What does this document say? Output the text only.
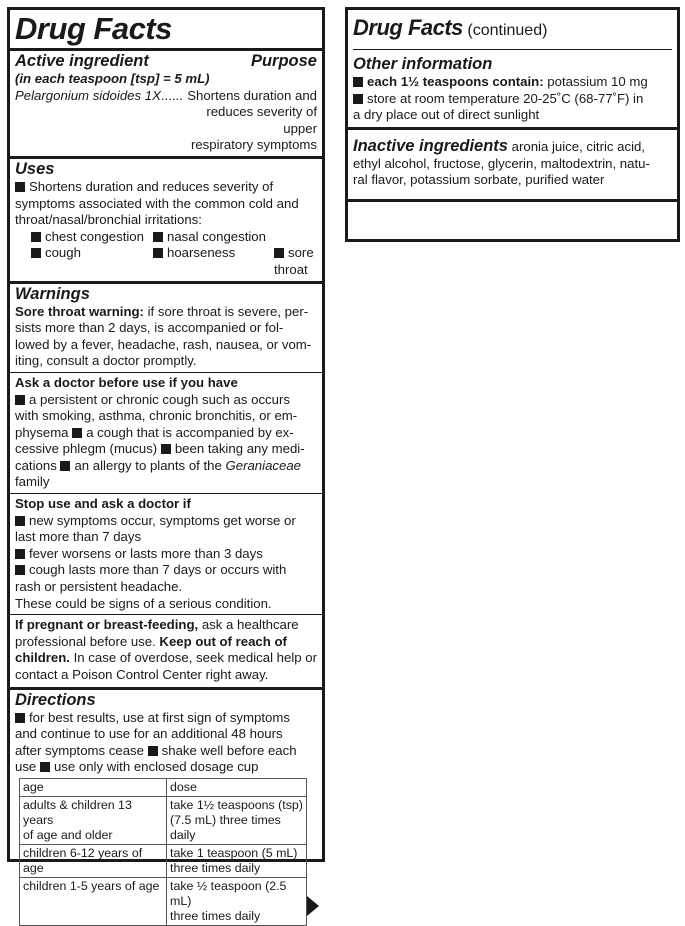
Drug Facts
Active ingredient	Purpose
(in each teaspoon [tsp] = 5 mL)
Pelargonium sidoides 1X...... Shortens duration and
reduces severity of upper
respiratory symptoms
Uses
Shortens duration and reduces severity of
symptoms associated with the common cold and
throat/nasal/bronchial irritations:
chest congestion	nasal congestion
cough	hoarseness	sore throat
Warnings
Sore throat warning: if sore throat is severe, per-
sists more than 2 days, is accompanied or fol-
lowed by a fever, headache, rash, nausea, or vom-
iting, consult a doctor promptly.
Ask a doctor before use if you have
a persistent or chronic cough such as occurs
with smoking, asthma, chronic bronchitis, or em-
physema a cough that is accompanied by ex-
cessive phlegm (mucus) been taking any medi-
cations an allergy to plants of the Geraniaceae
family
Stop use and ask a doctor if
new symptoms occur, symptoms get worse or
last more than 7 days
fever worsens or lasts more than 3 days
cough lasts more than 7 days or occurs with
rash or persistent headache.
These could be signs of a serious condition.
If pregnant or breast-feeding, ask a healthcare
professional before use. Keep out of reach of
children. In case of overdose, seek medical help or
contact a Poison Control Center right away.
Directions
for best results, use at first sign of symptoms
and continue to use for an additional 48 hours
after symptoms cease shake well before each
use use only with enclosed dosage cup
age	dose
adults & children 13 years
of age and older	take 1½ teaspoons (tsp)
(7.5 mL) three times daily
children 6-12 years of age	take 1 teaspoon (5 mL)
three times daily
children 1-5 years of age	take ½ teaspoon (2.5 mL)
three times daily
Drug Facts (continued)
Other information
each 1½ teaspoons contain: potassium 10 mg
store at room temperature 20-25˚C (68-77˚F) in
a dry place out of direct sunlight
Inactive ingredients aronia juice, citric acid,
ethyl alcohol, fructose, glycerin, maltodextrin, natu-
ral flavor, potassium sorbate, purified water
